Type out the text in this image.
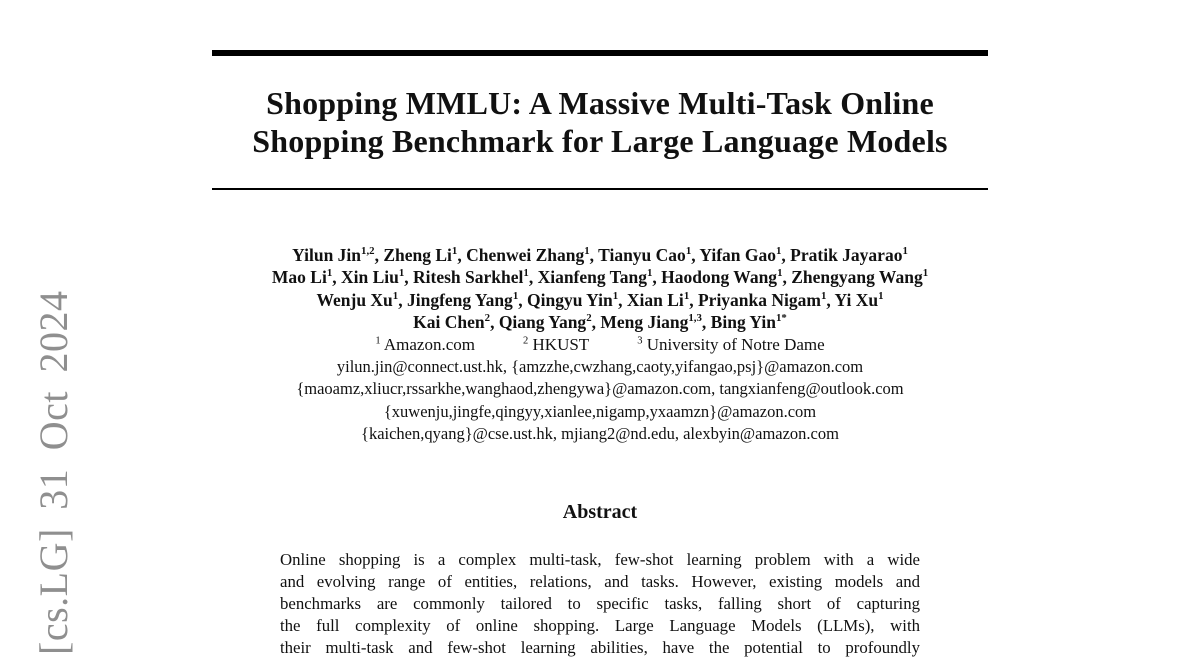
[cs.LG] 31 Oct 2024
Shopping MMLU: A Massive Multi-Task Online
Shopping Benchmark for Large Language Models
Yilun Jin$^{1,2}$, Zheng Li$^1$, Chenwei Zhang$^1$, Tianyu Cao$^1$, Yifan Gao$^1$, Pratik Jayarao$^1$
Mao Li$^1$, Xin Liu$^1$, Ritesh Sarkhel$^1$, Xianfeng Tang$^1$, Haodong Wang$^1$, Zhengyang Wang$^1$
Wenju Xu$^1$, Jingfeng Yang$^1$, Qingyu Yin$^1$, Xian Li$^1$, Priyanka Nigam$^1$, Yi Xu$^1$
Kai Chen$^2$, Qiang Yang$^2$, Meng Jiang$^{1,3}$, Bing Yin$^{1*}$
$^1$ Amazon.com	$^2$ HKUST	$^3$ University of Notre Dame
yilun.jin@connect.ust.hk, {amzzhe,cwzhang,caoty,yifangao,psj}@amazon.com
{maoamz,xliucr,rssarkhe,wanghaod,zhengywa}@amazon.com, tangxianfeng@outlook.com
{xuwenju,jingfe,qingyy,xianlee,nigamp,yxaamzn}@amazon.com
{kaichen,qyang}@cse.ust.hk, mjiang2@nd.edu, alexbyin@amazon.com
Abstract
Online shopping is a complex multi-task, few-shot learning problem with a wide
and evolving range of entities, relations, and tasks. However, existing models and
benchmarks are commonly tailored to specific tasks, falling short of capturing
the full complexity of online shopping. Large Language Models (LLMs), with
their multi-task and few-shot learning abilities, have the potential to profoundly
